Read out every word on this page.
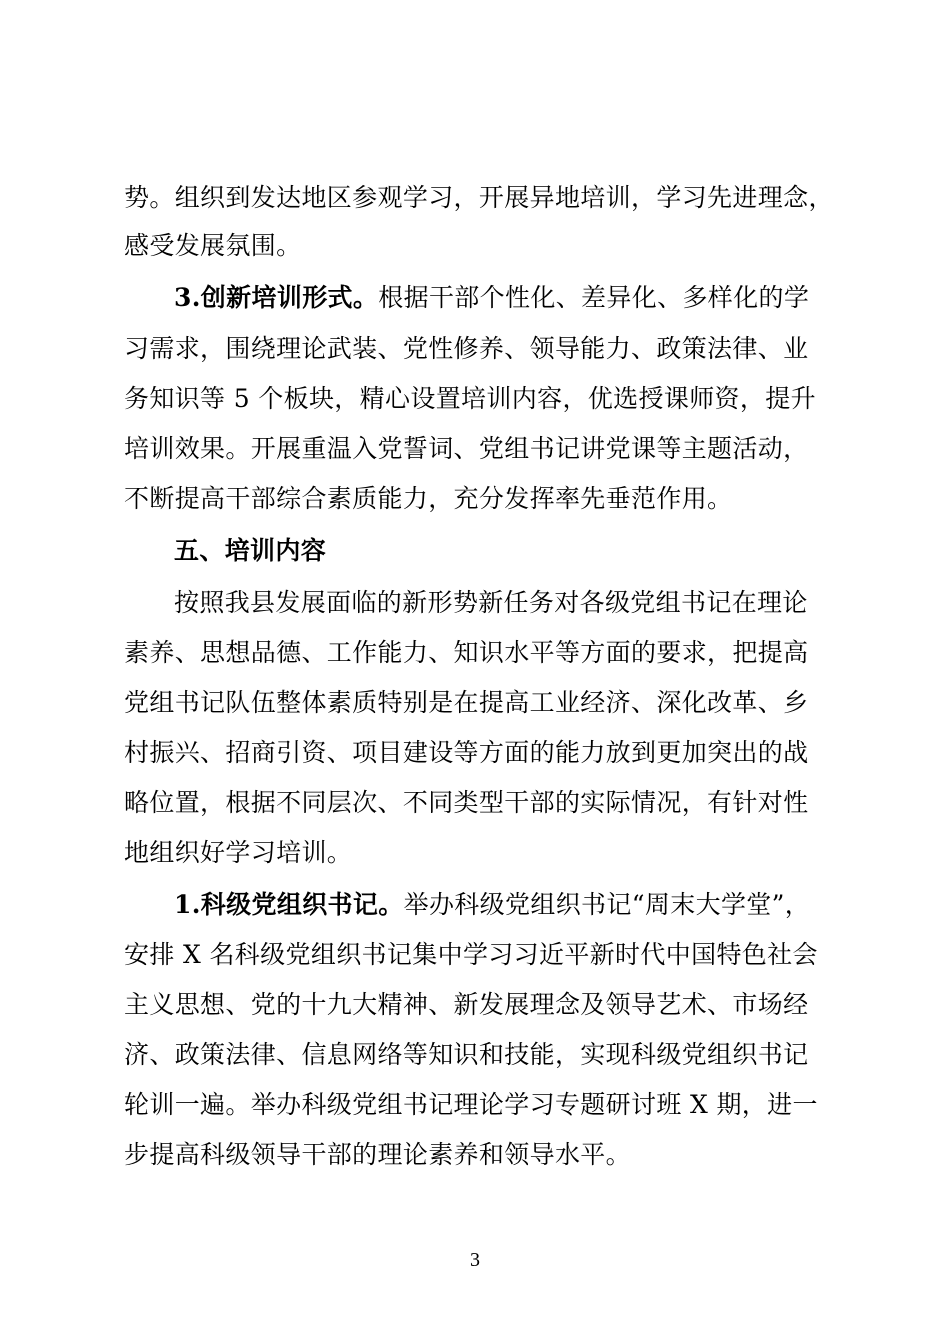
势。组织到发达地区参观学习，开展异地培训，学习先进理念，
感受发展氛围。
3.创新培训形式。根据干部个性化、差异化、多样化的学
习需求，围绕理论武装、党性修养、领导能力、政策法律、业
务知识等 5 个板块，精心设置培训内容，优选授课师资，提升
培训效果。开展重温入党誓词、党组书记讲党课等主题活动，
不断提高干部综合素质能力，充分发挥率先垂范作用。
五、培训内容
按照我县发展面临的新形势新任务对各级党组书记在理论
素养、思想品德、工作能力、知识水平等方面的要求，把提高
党组书记队伍整体素质特别是在提高工业经济、深化改革、乡
村振兴、招商引资、项目建设等方面的能力放到更加突出的战
略位置，根据不同层次、不同类型干部的实际情况，有针对性
地组织好学习培训。
1.科级党组织书记。举办科级党组织书记“周末大学堂”，
安排 X 名科级党组织书记集中学习习近平新时代中国特色社会
主义思想、党的十九大精神、新发展理念及领导艺术、市场经
济、政策法律、信息网络等知识和技能，实现科级党组织书记
轮训一遍。举办科级党组书记理论学习专题研讨班 X 期，进一
步提高科级领导干部的理论素养和领导水平。
3
